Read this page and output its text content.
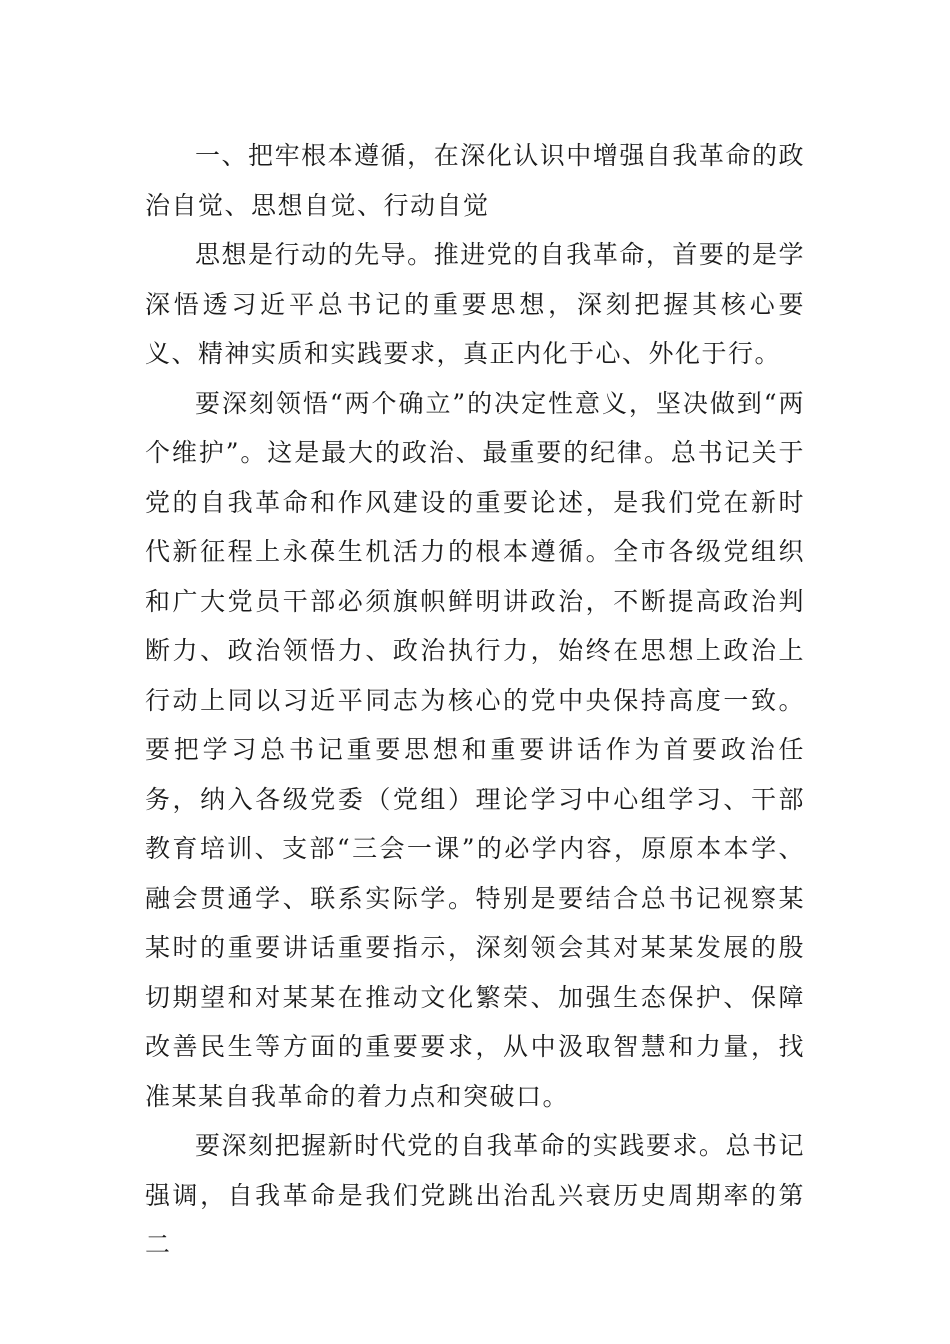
一、把牢根本遵循，在深化认识中增强自我革命的政治自觉、思想自觉、行动自觉

思想是行动的先导。推进党的自我革命，首要的是学深悟透习近平总书记的重要思想，深刻把握其核心要义、精神实质和实践要求，真正内化于心、外化于行。

要深刻领悟“两个确立”的决定性意义，坚决做到“两个维护”。这是最大的政治、最重要的纪律。总书记关于党的自我革命和作风建设的重要论述，是我们党在新时代新征程上永葆生机活力的根本遵循。全市各级党组织和广大党员干部必须旗帜鲜明讲政治，不断提高政治判断力、政治领悟力、政治执行力，始终在思想上政治上行动上同以习近平同志为核心的党中央保持高度一致。要把学习总书记重要思想和重要讲话作为首要政治任务，纳入各级党委（党组）理论学习中心组学习、干部教育培训、支部“三会一课”的必学内容，原原本本学、融会贯通学、联系实际学。特别是要结合总书记视察某某时的重要讲话重要指示，深刻领会其对某某发展的殷切期望和对某某在推动文化繁荣、加强生态保护、保障改善民生等方面的重要要求，从中汲取智慧和力量，找准某某自我革命的着力点和突破口。

要深刻把握新时代党的自我革命的实践要求。总书记强调，自我革命是我们党跳出治乱兴衰历史周期率的第二
